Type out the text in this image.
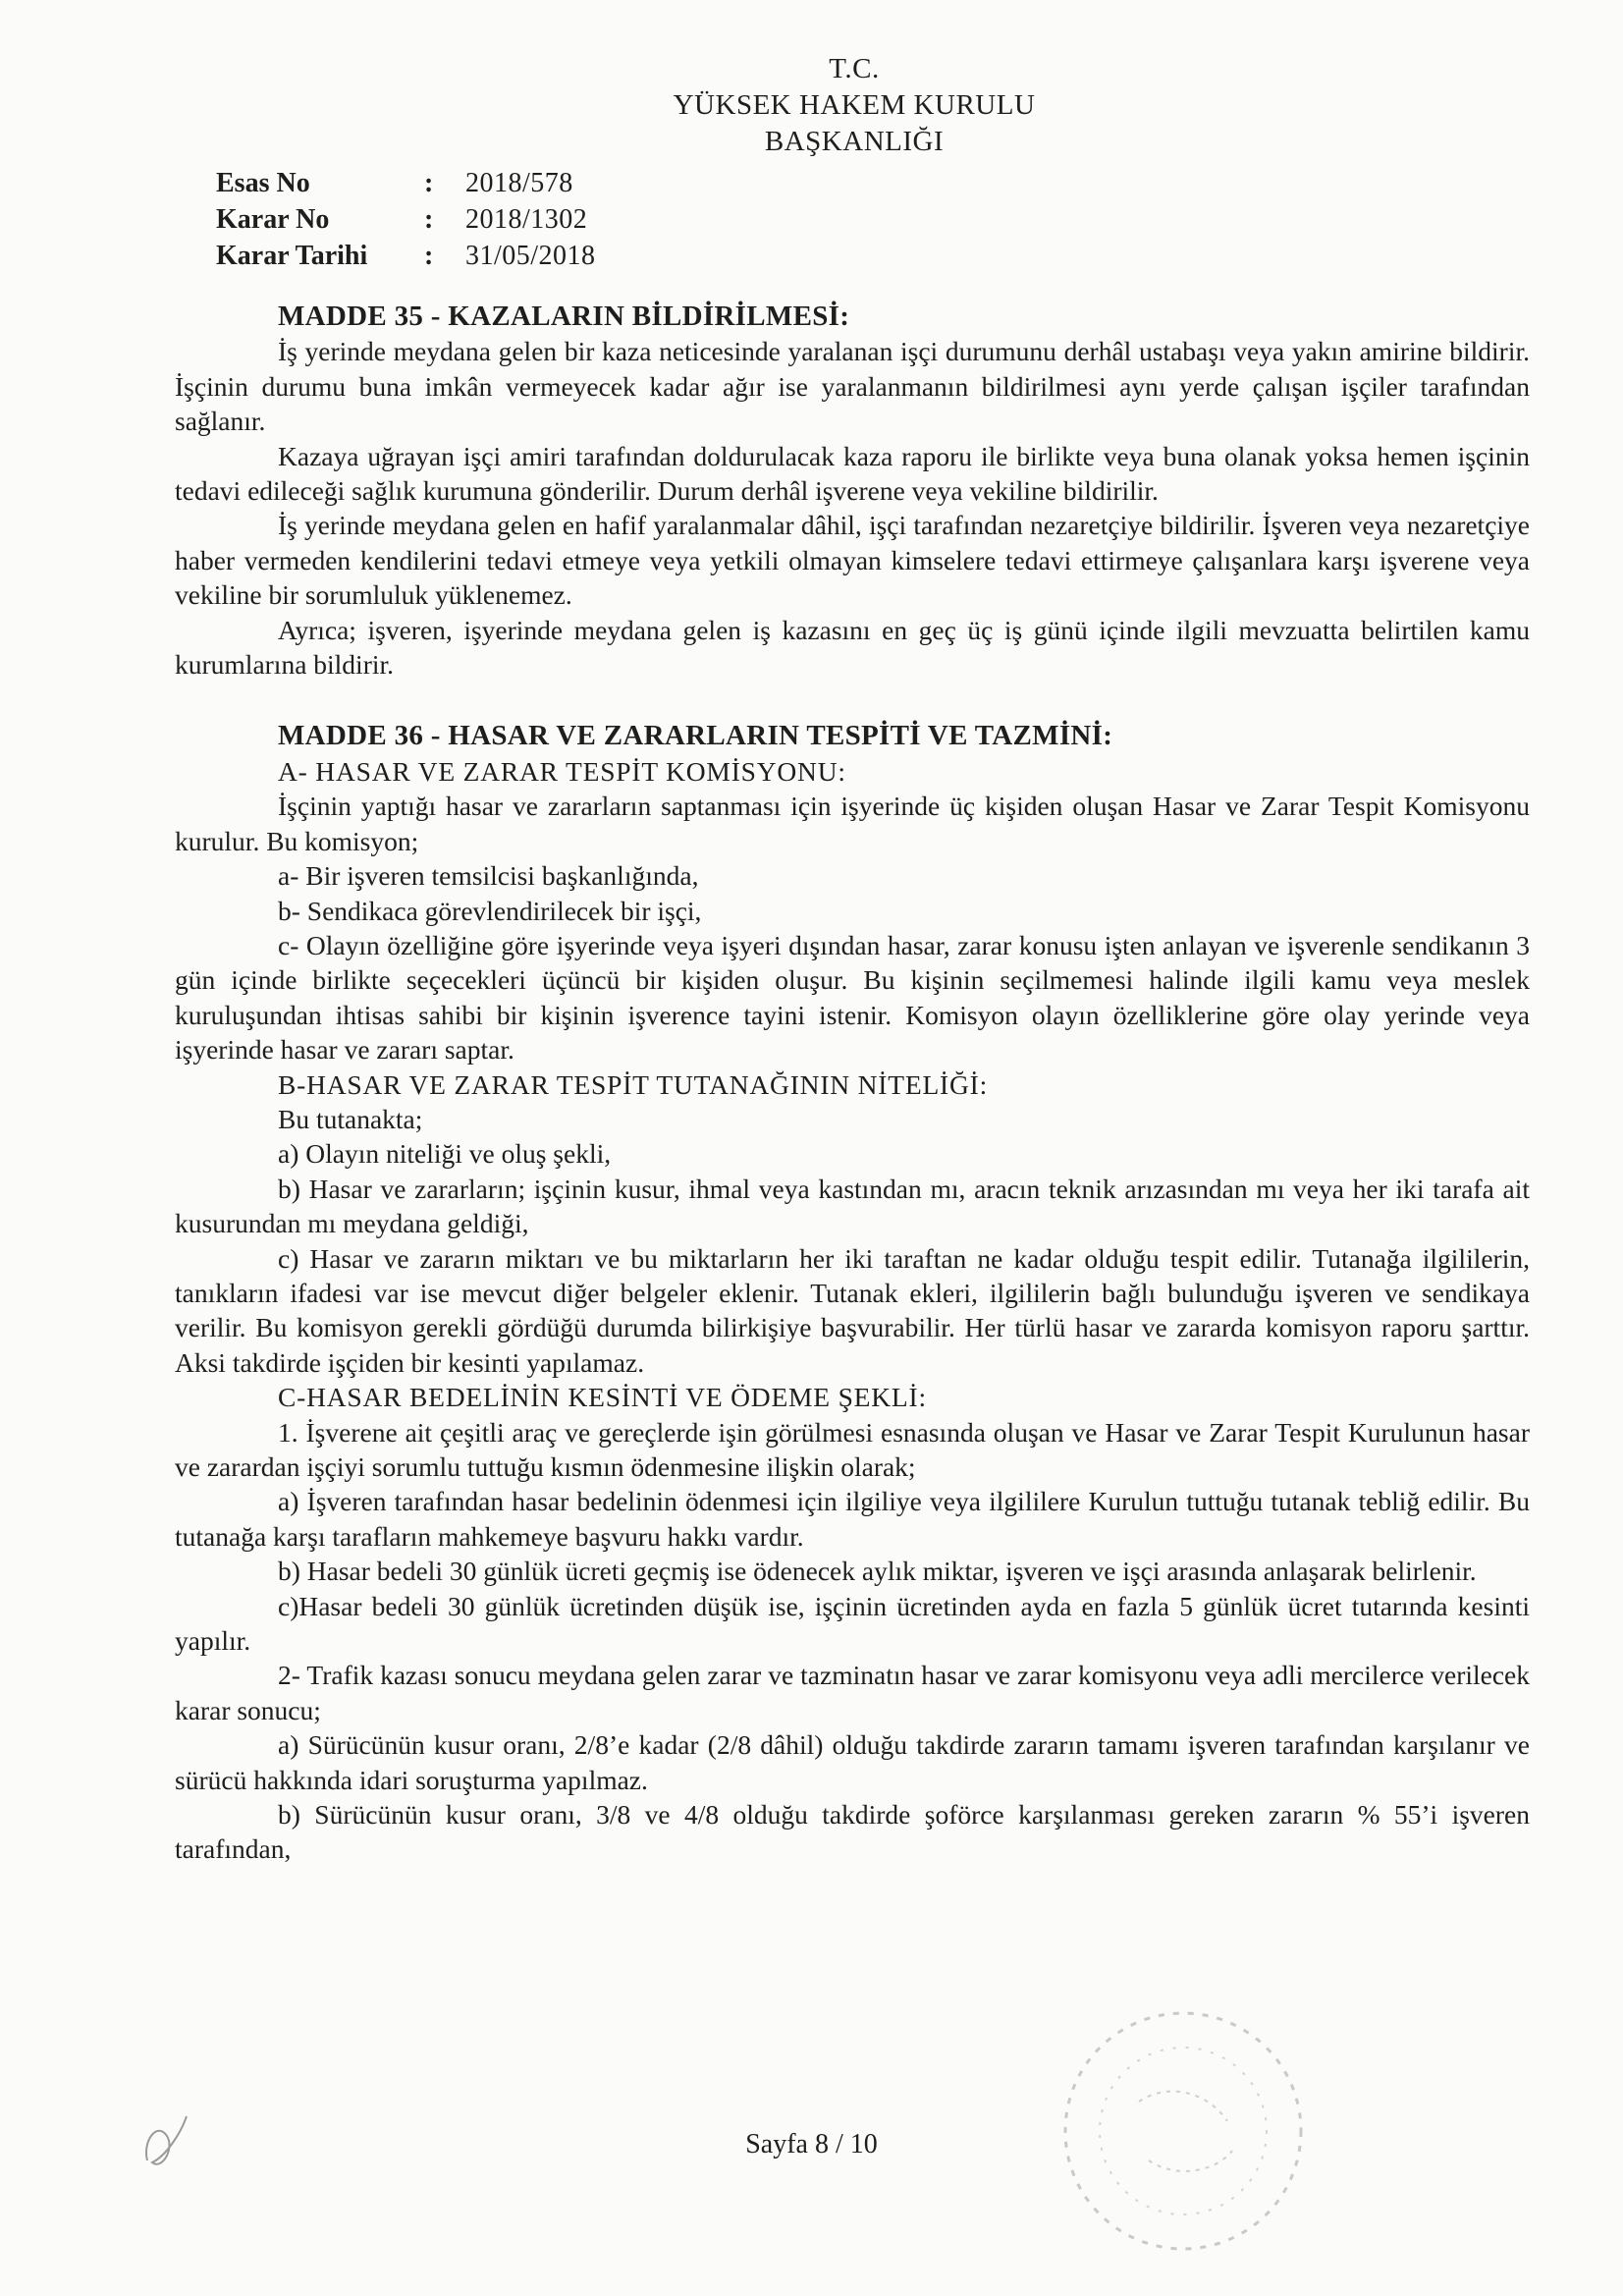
T.C.
YÜKSEK HAKEM KURULU
BAŞKANLIĞI
Esas No	:	2018/578
Karar No	:	2018/1302
Karar Tarihi	:	31/05/2018

MADDE 35 - KAZALARIN BİLDİRİLMESİ:

İş yerinde meydana gelen bir kaza neticesinde yaralanan işçi durumunu derhâl ustabaşı veya yakın amirine bildirir. İşçinin durumu buna imkân vermeyecek kadar ağır ise yaralanmanın bildirilmesi aynı yerde çalışan işçiler tarafından sağlanır.

Kazaya uğrayan işçi amiri tarafından doldurulacak kaza raporu ile birlikte veya buna olanak yoksa hemen işçinin tedavi edileceği sağlık kurumuna gönderilir. Durum derhâl işverene veya vekiline bildirilir.

İş yerinde meydana gelen en hafif yaralanmalar dâhil, işçi tarafından nezaretçiye bildirilir. İşveren veya nezaretçiye haber vermeden kendilerini tedavi etmeye veya yetkili olmayan kimselere tedavi ettirmeye çalışanlara karşı işverene veya vekiline bir sorumluluk yüklenemez.

Ayrıca; işveren, işyerinde meydana gelen iş kazasını en geç üç iş günü içinde ilgili mevzuatta belirtilen kamu kurumlarına bildirir.

MADDE 36 - HASAR VE ZARARLARIN TESPİTİ VE TAZMİNİ:

A- HASAR VE ZARAR TESPİT KOMİSYONU:

İşçinin yaptığı hasar ve zararların saptanması için işyerinde üç kişiden oluşan Hasar ve Zarar Tespit Komisyonu kurulur. Bu komisyon;

a- Bir işveren temsilcisi başkanlığında,

b- Sendikaca görevlendirilecek bir işçi,

c- Olayın özelliğine göre işyerinde veya işyeri dışından hasar, zarar konusu işten anlayan ve işverenle sendikanın 3 gün içinde birlikte seçecekleri üçüncü bir kişiden oluşur. Bu kişinin seçilmemesi halinde ilgili kamu veya meslek kuruluşundan ihtisas sahibi bir kişinin işverence tayini istenir. Komisyon olayın özelliklerine göre olay yerinde veya işyerinde hasar ve zararı saptar.

B-HASAR VE ZARAR TESPİT TUTANAĞININ NİTELİĞİ:

Bu tutanakta;

a) Olayın niteliği ve oluş şekli,

b) Hasar ve zararların; işçinin kusur, ihmal veya kastından mı, aracın teknik arızasından mı veya her iki tarafa ait kusurundan mı meydana geldiği,

c) Hasar ve zararın miktarı ve bu miktarların her iki taraftan ne kadar olduğu tespit edilir. Tutanağa ilgililerin, tanıkların ifadesi var ise mevcut diğer belgeler eklenir. Tutanak ekleri, ilgililerin bağlı bulunduğu işveren ve sendikaya verilir. Bu komisyon gerekli gördüğü durumda bilirkişiye başvurabilir. Her türlü hasar ve zararda komisyon raporu şarttır. Aksi takdirde işçiden bir kesinti yapılamaz.

C-HASAR BEDELİNİN KESİNTİ VE ÖDEME ŞEKLİ:

1. İşverene ait çeşitli araç ve gereçlerde işin görülmesi esnasında oluşan ve Hasar ve Zarar Tespit Kurulunun hasar ve zarardan işçiyi sorumlu tuttuğu kısmın ödenmesine ilişkin olarak;

a) İşveren tarafından hasar bedelinin ödenmesi için ilgiliye veya ilgililere Kurulun tuttuğu tutanak tebliğ edilir. Bu tutanağa karşı tarafların mahkemeye başvuru hakkı vardır.

b) Hasar bedeli 30 günlük ücreti geçmiş ise ödenecek aylık miktar, işveren ve işçi arasında anlaşarak belirlenir.

c)Hasar bedeli 30 günlük ücretinden düşük ise, işçinin ücretinden ayda en fazla 5 günlük ücret tutarında kesinti yapılır.

2- Trafik kazası sonucu meydana gelen zarar ve tazminatın hasar ve zarar komisyonu veya adli mercilerce verilecek karar sonucu;

a) Sürücünün kusur oranı, 2/8’e kadar (2/8 dâhil) olduğu takdirde zararın tamamı işveren tarafından karşılanır ve sürücü hakkında idari soruşturma yapılmaz.

b) Sürücünün kusur oranı, 3/8 ve 4/8 olduğu takdirde şoförce karşılanması gereken zararın % 55’i işveren tarafından,

Sayfa 8 / 10
